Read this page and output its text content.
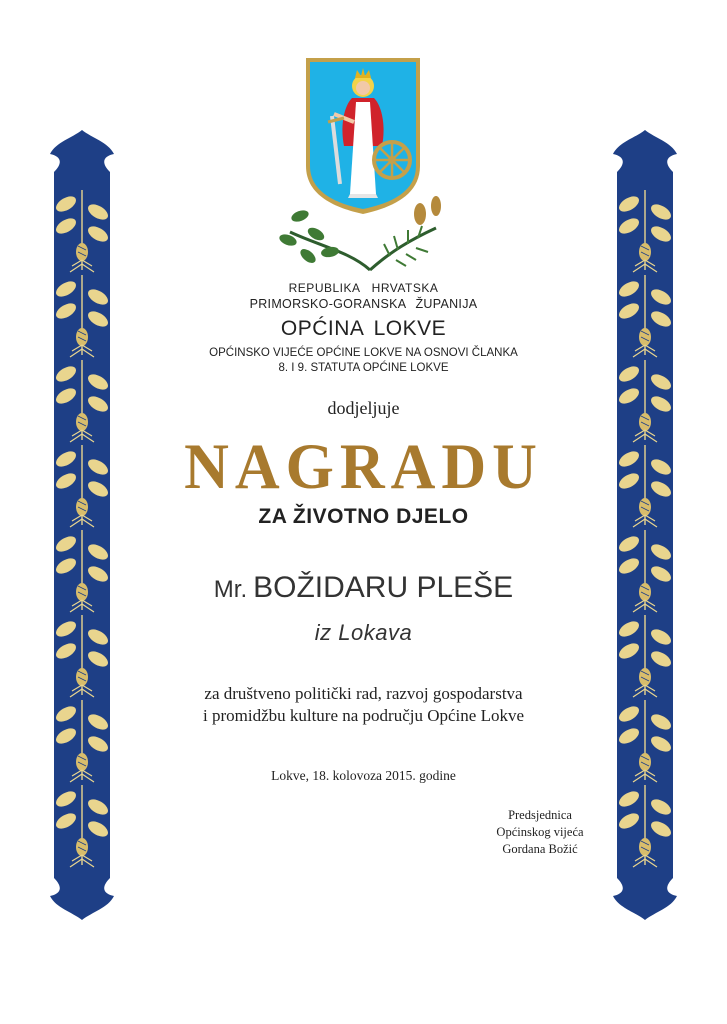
REPUBLIKA HRVATSKA
PRIMORSKO-GORANSKA ŽUPANIJA
OPĆINA LOKVE
OPĆINSKO VIJEĆE OPĆINE LOKVE NA OSNOVI ČLANKA
8. I 9. STATUTA OPĆINE LOKVE
dodjeljuje
NAGRADU
ZA ŽIVOTNO DJELO
Mr. BOŽIDARU PLEŠE
iz Lokava
za društveno politički rad, razvoj gospodarstva
i promidžbu kulture na području Općine Lokve
Lokve, 18. kolovoza 2015. godine
Predsjednica
Općinskog vijeća
Gordana Božić
